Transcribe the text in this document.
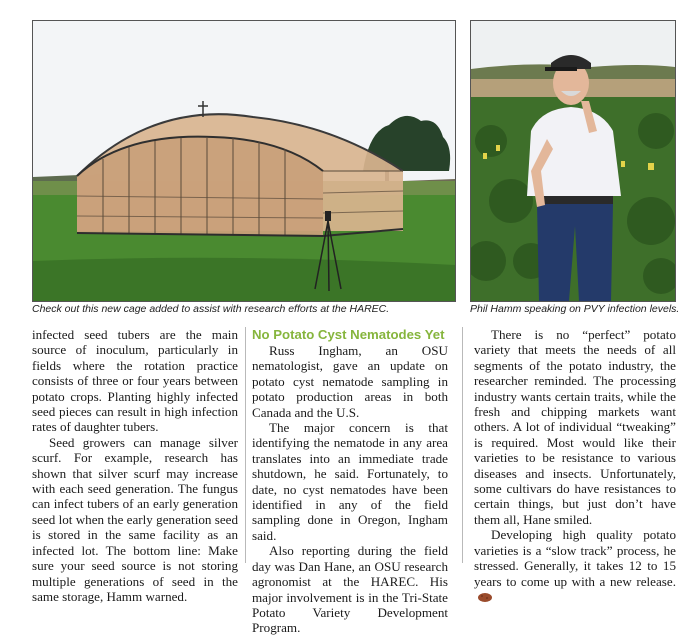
Check out this new cage added to assist with research efforts at the HAREC.	Phil Hamm speaking on PVY infection levels.

infected seed tubers are the main source of inoculum, particularly in fields where the rotation practice consists of three or four years between potato crops. Planting highly infected seed pieces can result in high infection rates of daughter tubers.

Seed growers can manage silver scurf. For example, research has shown that silver scurf may increase with each seed generation. The fungus can infect tubers of an early generation seed lot when the early generation seed is stored in the same facility as an infected lot. The bottom line: Make sure your seed source is not storing multiple generations of seed in the same storage, Hamm warned.

No Potato Cyst Nematodes Yet

Russ Ingham, an OSU nematologist, gave an update on potato cyst nematode sampling in potato production areas in both Canada and the U.S.

The major concern is that identifying the nematode in any area translates into an immediate trade shutdown, he said. Fortunately, to date, no cyst nematodes have been identified in any of the field sampling done in Oregon, Ingham said.

Also reporting during the field day was Dan Hane, an OSU research agronomist at the HAREC. His major involvement is in the Tri-State Potato Variety Development Program.

There is no “perfect” potato variety that meets the needs of all segments of the potato industry, the researcher reminded. The processing industry wants certain traits, while the fresh and chipping markets want others. A lot of individual “tweaking” is required. Most would like their varieties to be resistance to various diseases and insects. Unfortunately, some cultivars do have resistances to certain things, but just don’t have them all, Hane smiled.

Developing high quality potato varieties is a “slow track” process, he stressed. Generally, it takes 12 to 15 years to come up with a new release.
